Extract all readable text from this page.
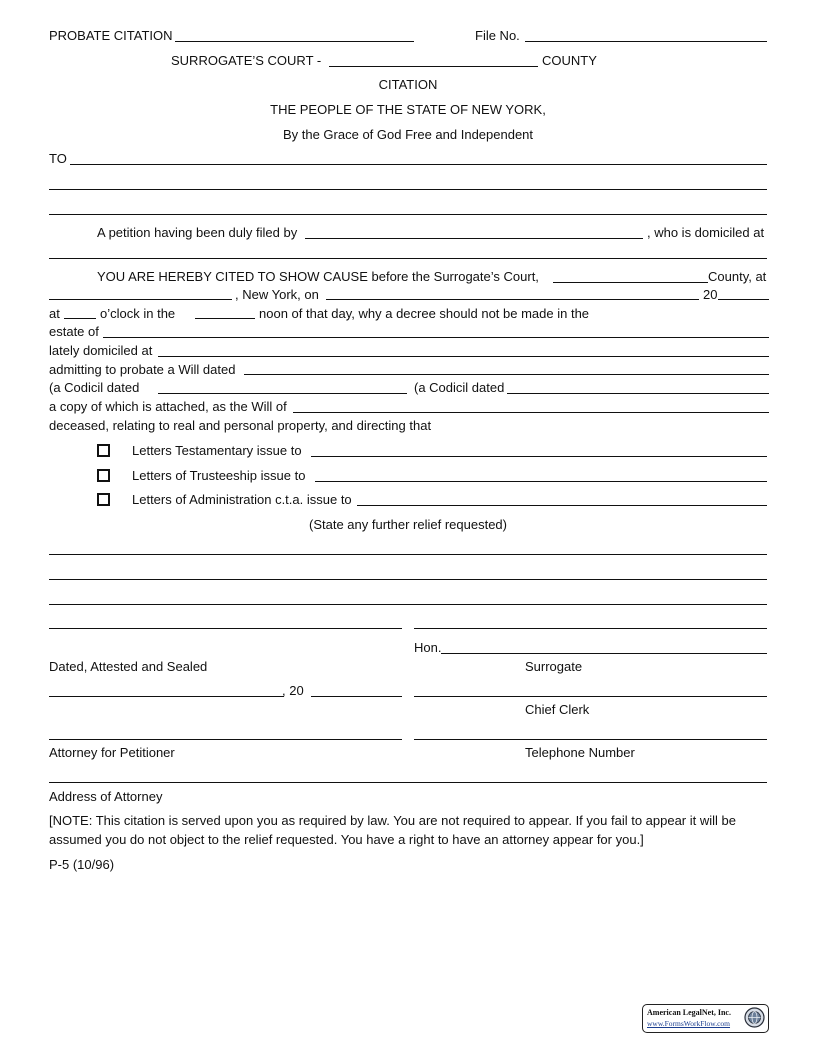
PROBATE CITATION	File No.
SURROGATE’S COURT -	COUNTY
CITATION
THE PEOPLE OF THE STATE OF NEW YORK,
By the Grace of God Free and Independent
TO
A petition having been duly filed by	, who is domiciled at
YOU ARE HEREBY CITED TO SHOW CAUSE before the Surrogate’s Court,	County, at
, New York, on	20
at	o’clock in the	noon of that day, why a decree should not be made in the
estate of
lately domiciled at
admitting to probate a Will dated
(a Codicil dated	(a Codicil dated
a copy of which is attached, as the Will of
deceased, relating to real and personal property, and directing that
Letters Testamentary issue to
Letters of Trusteeship issue to
Letters of Administration c.t.a. issue to
(State any further relief requested)
Hon.
Dated, Attested and Sealed	Surrogate
, 20
Chief Clerk
Attorney for Petitioner	Telephone Number
Address of Attorney
[NOTE: This citation is served upon you as required by law. You are not required to appear. If you fail to appear it will be
assumed you do not object to the relief requested. You have a right to have an attorney appear for you.]
P-5 (10/96)
American LegalNet, Inc.
www.FormsWorkFlow.com
